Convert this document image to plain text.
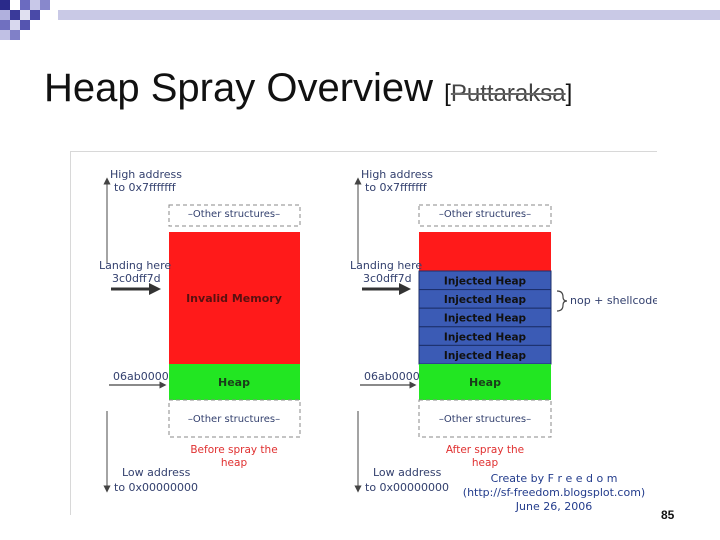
Heap Spray Overview [Puttaraksa]
High address
to 0x7fffffff
–Other structures–
Invalid Memory
Heap
–Other structures–
Landing here
3c0dff7d
06ab0000
Before spray the
heap
Low address
to 0x00000000
High address
to 0x7fffffff
–Other structures–
Injected Heap
Injected Heap
Injected Heap
Injected Heap
Injected Heap
nop + shellcode
Heap
–Other structures–
Landing here
3c0dff7d
06ab0000
After spray the
heap
Low address
to 0x00000000
Create by F r e e d o m
(http://sf-freedom.blogsplot.com)
June 26, 2006
85
